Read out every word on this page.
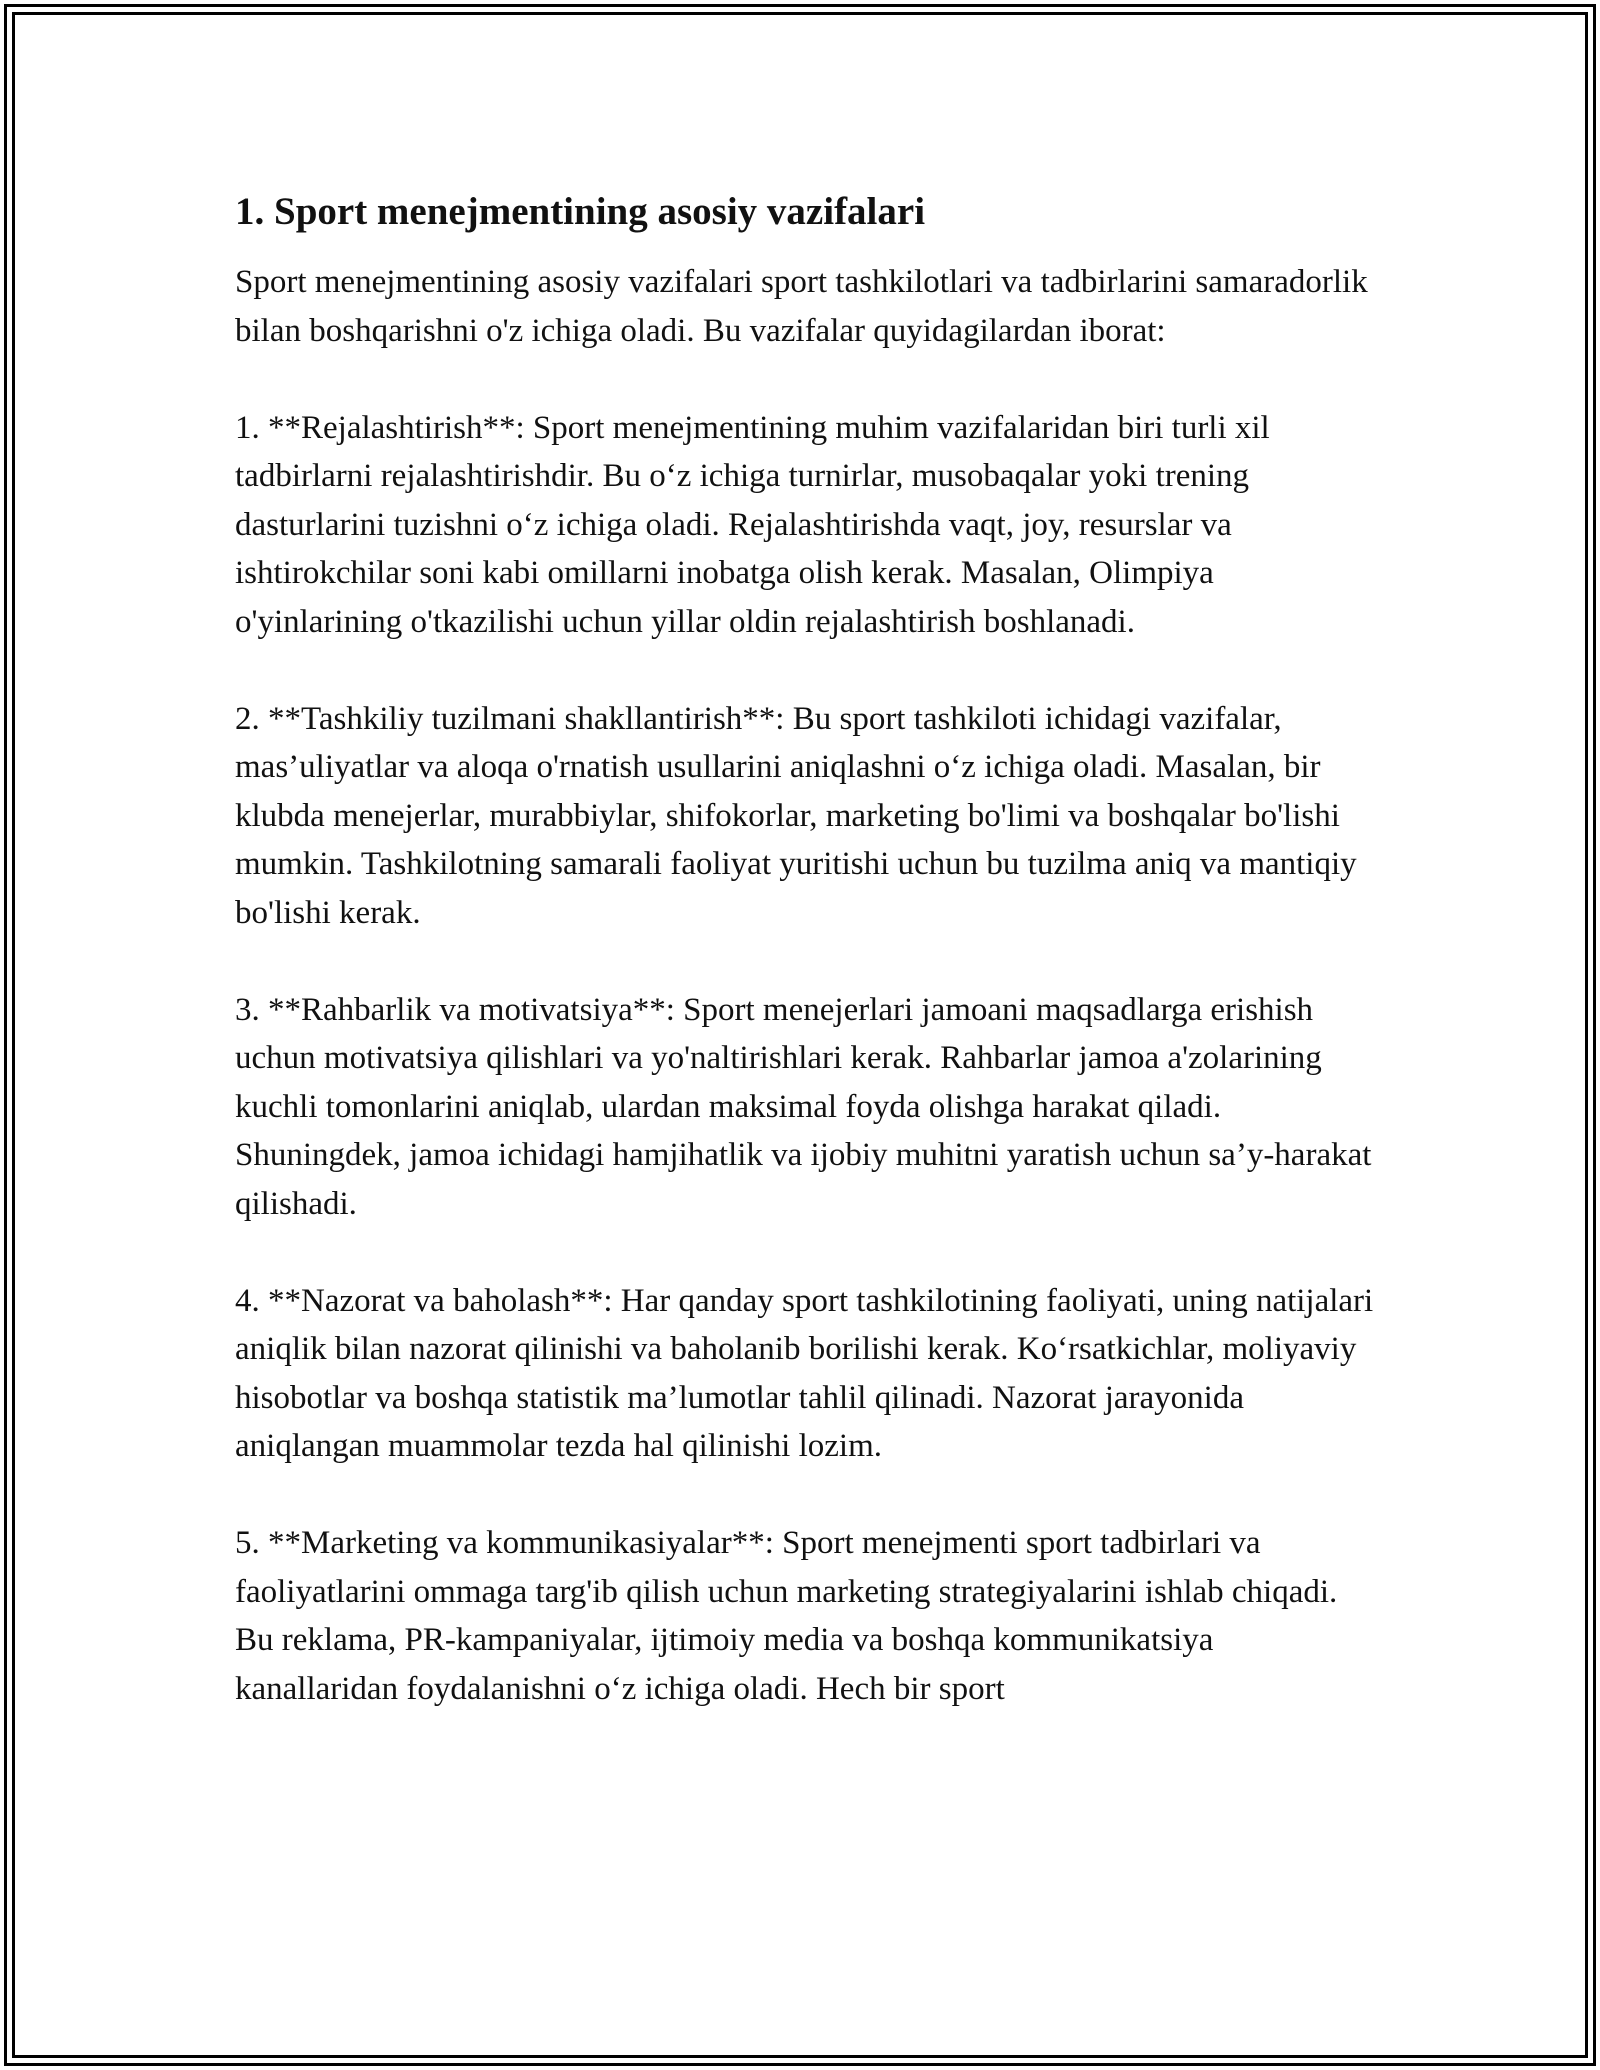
1. Sport menejmentining asosiy vazifalari

Sport menejmentining asosiy vazifalari sport tashkilotlari va tadbirlarini samaradorlik bilan boshqarishni o'z ichiga oladi. Bu vazifalar quyidagilardan iborat:

1. **Rejalashtirish**: Sport menejmentining muhim vazifalaridan biri turli xil tadbirlarni rejalashtirishdir. Bu o‘z ichiga turnirlar, musobaqalar yoki trening dasturlarini tuzishni o‘z ichiga oladi. Rejalashtirishda vaqt, joy, resurslar va ishtirokchilar soni kabi omillarni inobatga olish kerak. Masalan, Olimpiya o'yinlarining o'tkazilishi uchun yillar oldin rejalashtirish boshlanadi.

2. **Tashkiliy tuzilmani shakllantirish**: Bu sport tashkiloti ichidagi vazifalar, mas’uliyatlar va aloqa o'rnatish usullarini aniqlashni o‘z ichiga oladi. Masalan, bir klubda menejerlar, murabbiylar, shifokorlar, marketing bo'limi va boshqalar bo'lishi mumkin. Tashkilotning samarali faoliyat yuritishi uchun bu tuzilma aniq va mantiqiy bo'lishi kerak.

3. **Rahbarlik va motivatsiya**: Sport menejerlari jamoani maqsadlarga erishish uchun motivatsiya qilishlari va yo'naltirishlari kerak. Rahbarlar jamoa a'zolarining kuchli tomonlarini aniqlab, ulardan maksimal foyda olishga harakat qiladi. Shuningdek, jamoa ichidagi hamjihatlik va ijobiy muhitni yaratish uchun sa’y-harakat qilishadi.

4. **Nazorat va baholash**: Har qanday sport tashkilotining faoliyati, uning natijalari aniqlik bilan nazorat qilinishi va baholanib borilishi kerak. Ko‘rsatkichlar, moliyaviy hisobotlar va boshqa statistik ma’lumotlar tahlil qilinadi. Nazorat jarayonida aniqlangan muammolar tezda hal qilinishi lozim.

5. **Marketing va kommunikasiyalar**: Sport menejmenti sport tadbirlari va faoliyatlarini ommaga targ'ib qilish uchun marketing strategiyalarini ishlab chiqadi. Bu reklama, PR-kampaniyalar, ijtimoiy media va boshqa kommunikatsiya kanallaridan foydalanishni o‘z ichiga oladi. Hech bir sport
